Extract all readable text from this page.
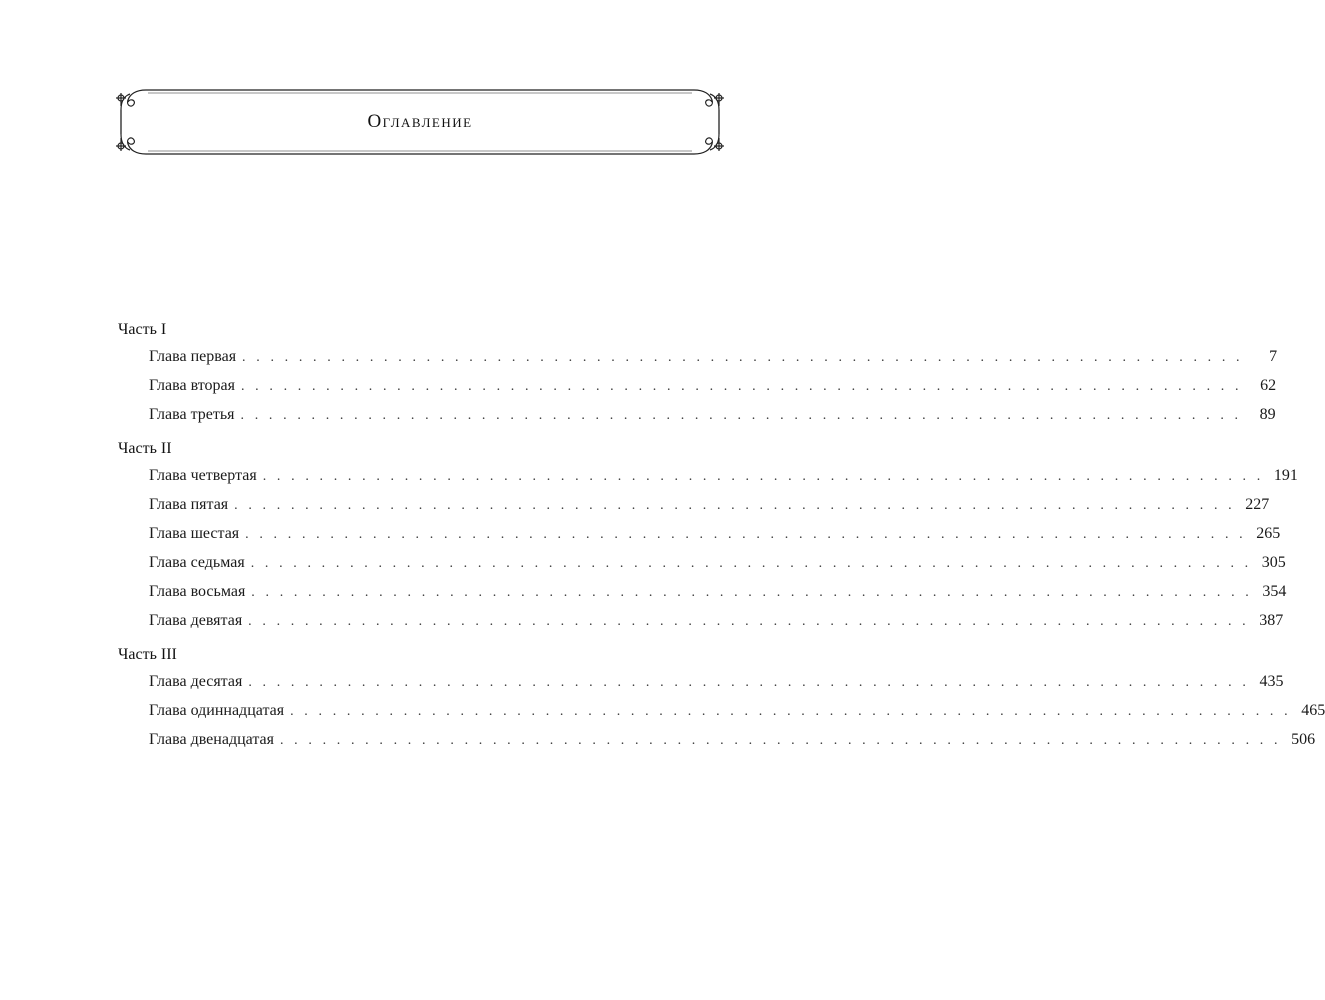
Оглавление
Часть I
Глава первая . . . . . . . . . . . . . . . . . . . . . . . . . . . . . . . . . . . . . . . . . . . . . . . . . . . . . . . . . . . . . . . . . . . . . . .	7
Глава вторая . . . . . . . . . . . . . . . . . . . . . . . . . . . . . . . . . . . . . . . . . . . . . . . . . . . . . . . . . . . . . . . . . . . . . . .	62
Глава третья . . . . . . . . . . . . . . . . . . . . . . . . . . . . . . . . . . . . . . . . . . . . . . . . . . . . . . . . . . . . . . . . . . . . . . .	89
Часть II
Глава четвертая . . . . . . . . . . . . . . . . . . . . . . . . . . . . . . . . . . . . . . . . . . . . . . . . . . . . . . . . . . . . . . . . . . . . . . . 191
Глава пятая . . . . . . . . . . . . . . . . . . . . . . . . . . . . . . . . . . . . . . . . . . . . . . . . . . . . . . . . . . . . . . . . . . . . . . . 227
Глава шестая . . . . . . . . . . . . . . . . . . . . . . . . . . . . . . . . . . . . . . . . . . . . . . . . . . . . . . . . . . . . . . . . . . . . . . . 265
Глава седьмая . . . . . . . . . . . . . . . . . . . . . . . . . . . . . . . . . . . . . . . . . . . . . . . . . . . . . . . . . . . . . . . . . . . . . . . 305
Глава восьмая . . . . . . . . . . . . . . . . . . . . . . . . . . . . . . . . . . . . . . . . . . . . . . . . . . . . . . . . . . . . . . . . . . . . . . . 354
Глава девятая . . . . . . . . . . . . . . . . . . . . . . . . . . . . . . . . . . . . . . . . . . . . . . . . . . . . . . . . . . . . . . . . . . . . . . . 387
Часть III
Глава десятая . . . . . . . . . . . . . . . . . . . . . . . . . . . . . . . . . . . . . . . . . . . . . . . . . . . . . . . . . . . . . . . . . . . . . . . 435
Глава одиннадцатая . . . . . . . . . . . . . . . . . . . . . . . . . . . . . . . . . . . . . . . . . . . . . . . . . . . . . . . . . . . . . . . . . . . . . . . 465
Глава двенадцатая . . . . . . . . . . . . . . . . . . . . . . . . . . . . . . . . . . . . . . . . . . . . . . . . . . . . . . . . . . . . . . . . . . . . . . . 506
